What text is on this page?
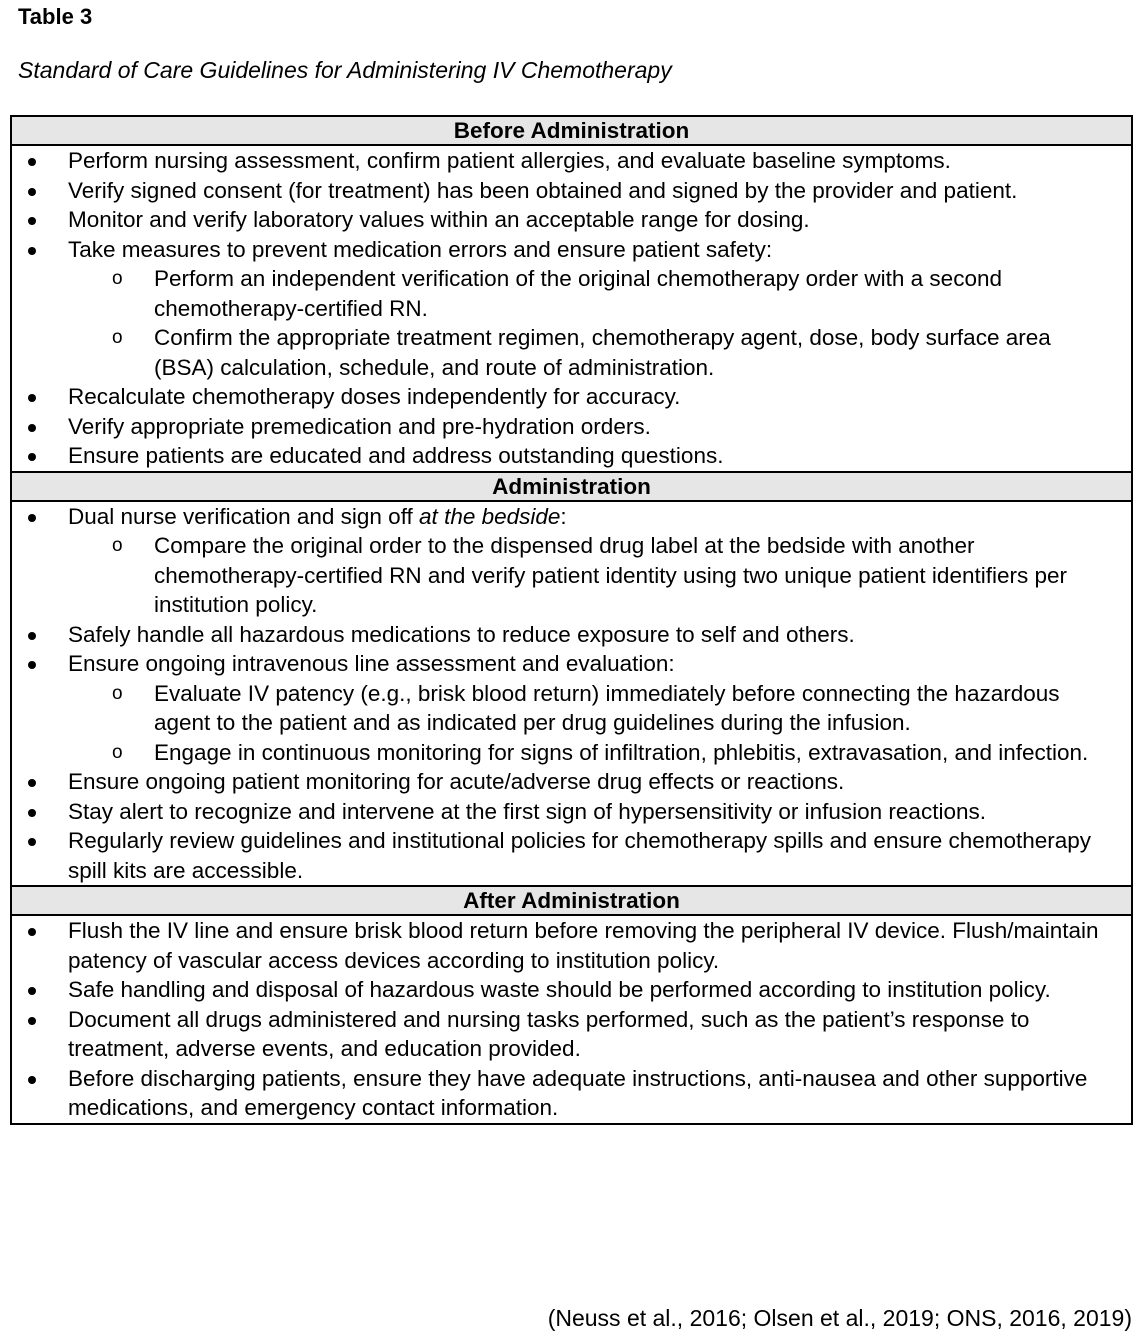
Table 3
Standard of Care Guidelines for Administering IV Chemotherapy
Before Administration

Perform nursing assessment, confirm patient allergies, and evaluate baseline symptoms.
Verify signed consent (for treatment) has been obtained and signed by the provider and patient.
Monitor and verify laboratory values within an acceptable range for dosing.
Take measures to prevent medication errors and ensure patient safety:
o Perform an independent verification of the original chemotherapy order with a second chemotherapy-certified RN.
o Confirm the appropriate treatment regimen, chemotherapy agent, dose, body surface area (BSA) calculation, schedule, and route of administration.
Recalculate chemotherapy doses independently for accuracy.
Verify appropriate premedication and pre-hydration orders.
Ensure patients are educated and address outstanding questions.

Administration

Dual nurse verification and sign off at the bedside:
o Compare the original order to the dispensed drug label at the bedside with another chemotherapy-certified RN and verify patient identity using two unique patient identifiers per institution policy.
Safely handle all hazardous medications to reduce exposure to self and others.
Ensure ongoing intravenous line assessment and evaluation:
o Evaluate IV patency (e.g., brisk blood return) immediately before connecting the hazardous agent to the patient and as indicated per drug guidelines during the infusion.
o Engage in continuous monitoring for signs of infiltration, phlebitis, extravasation, and infection.
Ensure ongoing patient monitoring for acute/adverse drug effects or reactions.
Stay alert to recognize and intervene at the first sign of hypersensitivity or infusion reactions.
Regularly review guidelines and institutional policies for chemotherapy spills and ensure chemotherapy spill kits are accessible.

After Administration

Flush the IV line and ensure brisk blood return before removing the peripheral IV device. Flush/maintain patency of vascular access devices according to institution policy.
Safe handling and disposal of hazardous waste should be performed according to institution policy.
Document all drugs administered and nursing tasks performed, such as the patient’s response to treatment, adverse events, and education provided.
Before discharging patients, ensure they have adequate instructions, anti-nausea and other supportive medications, and emergency contact information.
(Neuss et al., 2016; Olsen et al., 2019; ONS, 2016, 2019)
